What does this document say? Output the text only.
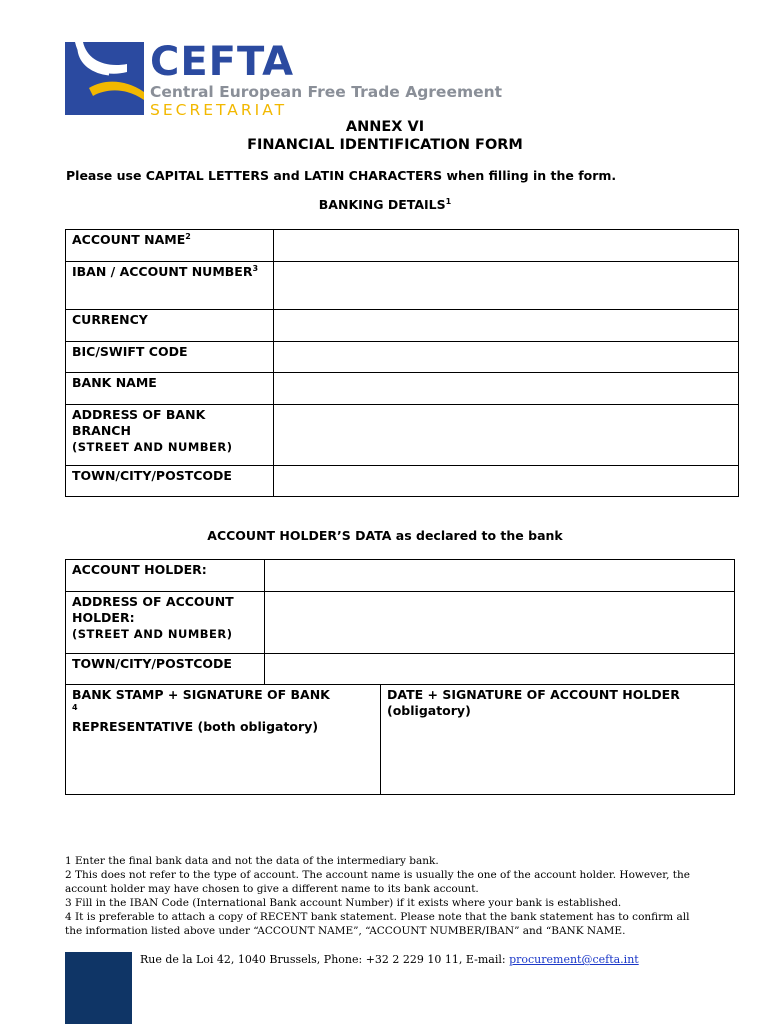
CEFTA
Central European Free Trade Agreement
SECRETARIAT
ANNEX VI
FINANCIAL IDENTIFICATION FORM
Please use CAPITAL LETTERS and LATIN CHARACTERS when filling in the form.
BANKING DETAILS$^1$
ACCOUNT NAME$^2$	
IBAN / ACCOUNT NUMBER$^3$	
CURRENCY	
BIC/SWIFT CODE	
BANK NAME	

ADDRESS OF BANK BRANCH
(STREET AND NUMBER)	

TOWN/CITY/POSTCODE	
ACCOUNT HOLDER’S DATA as declared to the bank
ACCOUNT HOLDER:		

ADDRESS OF ACCOUNT HOLDER:
(STREET AND NUMBER)		

TOWN/CITY/POSTCODE		

BANK STAMP + SIGNATURE OF BANK
$^4$
REPRESENTATIVE (both obligatory)		DATE + SIGNATURE OF ACCOUNT HOLDER (obligatory)
1 Enter the final bank data and not the data of the intermediary bank.
2 This does not refer to the type of account. The account name is usually the one of the account holder. However, the account holder may have chosen to give a different name to its bank account.
3 Fill in the IBAN Code (International Bank account Number) if it exists where your bank is established.
4 It is preferable to attach a copy of RECENT bank statement. Please note that the bank statement has to confirm all the information listed above under “ACCOUNT NAME”, “ACCOUNT NUMBER/IBAN” and “BANK NAME.
Rue de la Loi 42, 1040 Brussels, Phone: +32 2 229 10 11, E-mail: procurement@cefta.int
